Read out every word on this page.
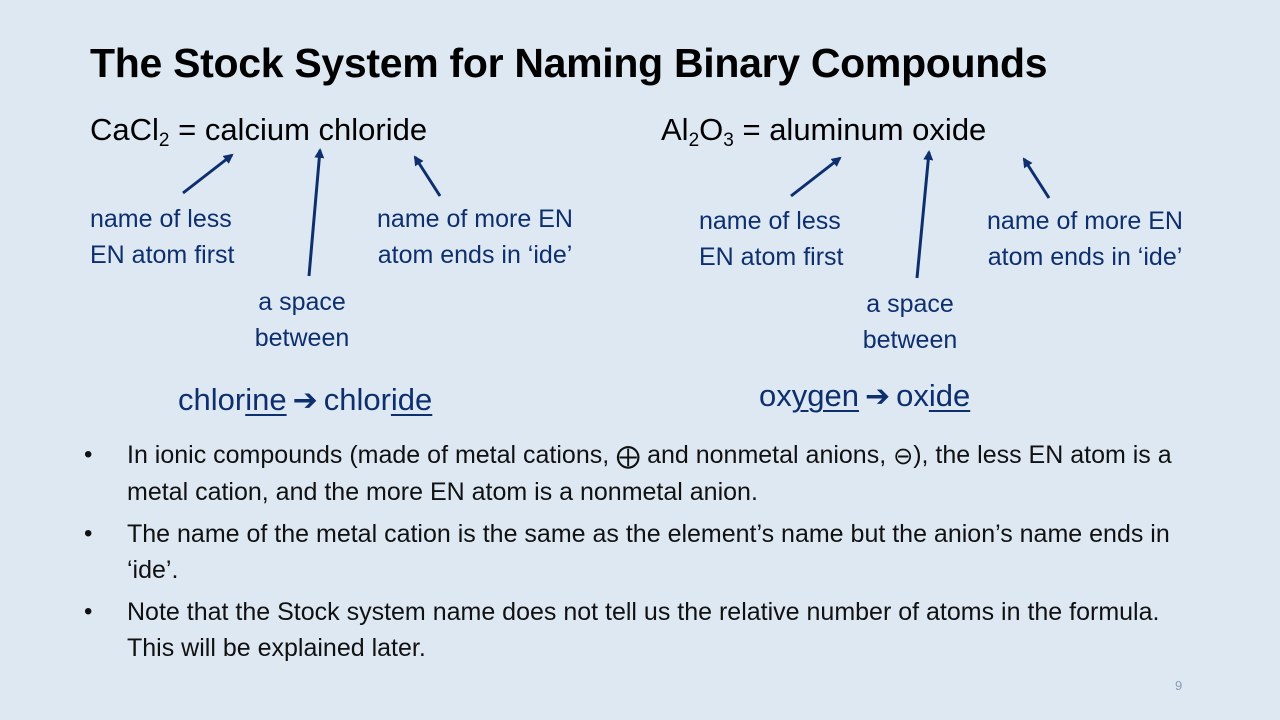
The Stock System for Naming Binary Compounds
CaCl$_2$ = calcium chloride	$Al_2O_3$ = aluminum oxide
name of less
EN atom first
name of more EN
atom ends in ‘ide’
a space
between
name of less
EN atom first
name of more EN
atom ends in ‘ide’
a space
between
chlorine ➔ chloride	oxygen ➔ oxide
• In ionic compounds (made of metal cations, ⨁ and nonmetal anions, ⊖), the less EN atom is a metal cation, and the more EN atom is a nonmetal anion.
• The name of the metal cation is the same as the element’s name but the anion’s name ends in ‘ide’.
• Note that the Stock system name does not tell us the relative number of atoms in the formula. This will be explained later.
9
